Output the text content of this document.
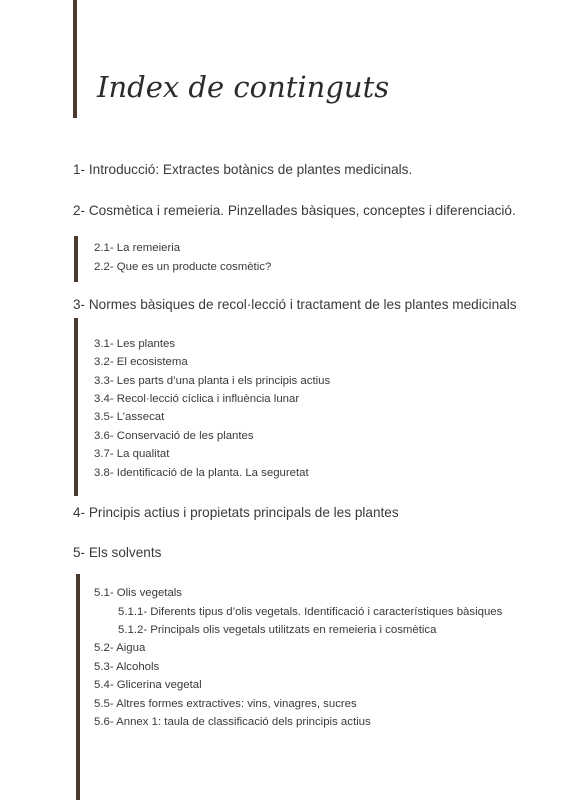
Index de continguts
1- Introducció: Extractes botànics de plantes medicinals.
2- Cosmètica i remeieria. Pinzellades bàsiques, conceptes i diferenciació.
2.1- La remeieria
2.2- Que es un producte cosmètic?
3- Normes bàsiques de recol·lecció i tractament de les plantes medicinals
3.1- Les plantes
3.2- El ecosistema
3.3- Les parts d’una planta i els principis actius
3.4- Recol·lecció cíclica i influència lunar
3.5- L’assecat
3.6- Conservació de les plantes
3.7- La qualitat
3.8- Identificació de la planta. La seguretat
4- Principis actius i propietats principals de les plantes
5- Els solvents
5.1- Olis vegetals
5.1.1- Diferents tipus d’olis vegetals. Identificació i característiques bàsiques
5.1.2- Principals olis vegetals utilitzats en remeieria i cosmètica
5.2- Aigua
5.3- Alcohols
5.4- Glicerina vegetal
5.5- Altres formes extractives: vins, vinagres, sucres
5.6- Annex 1: taula de classificació dels principis actius
